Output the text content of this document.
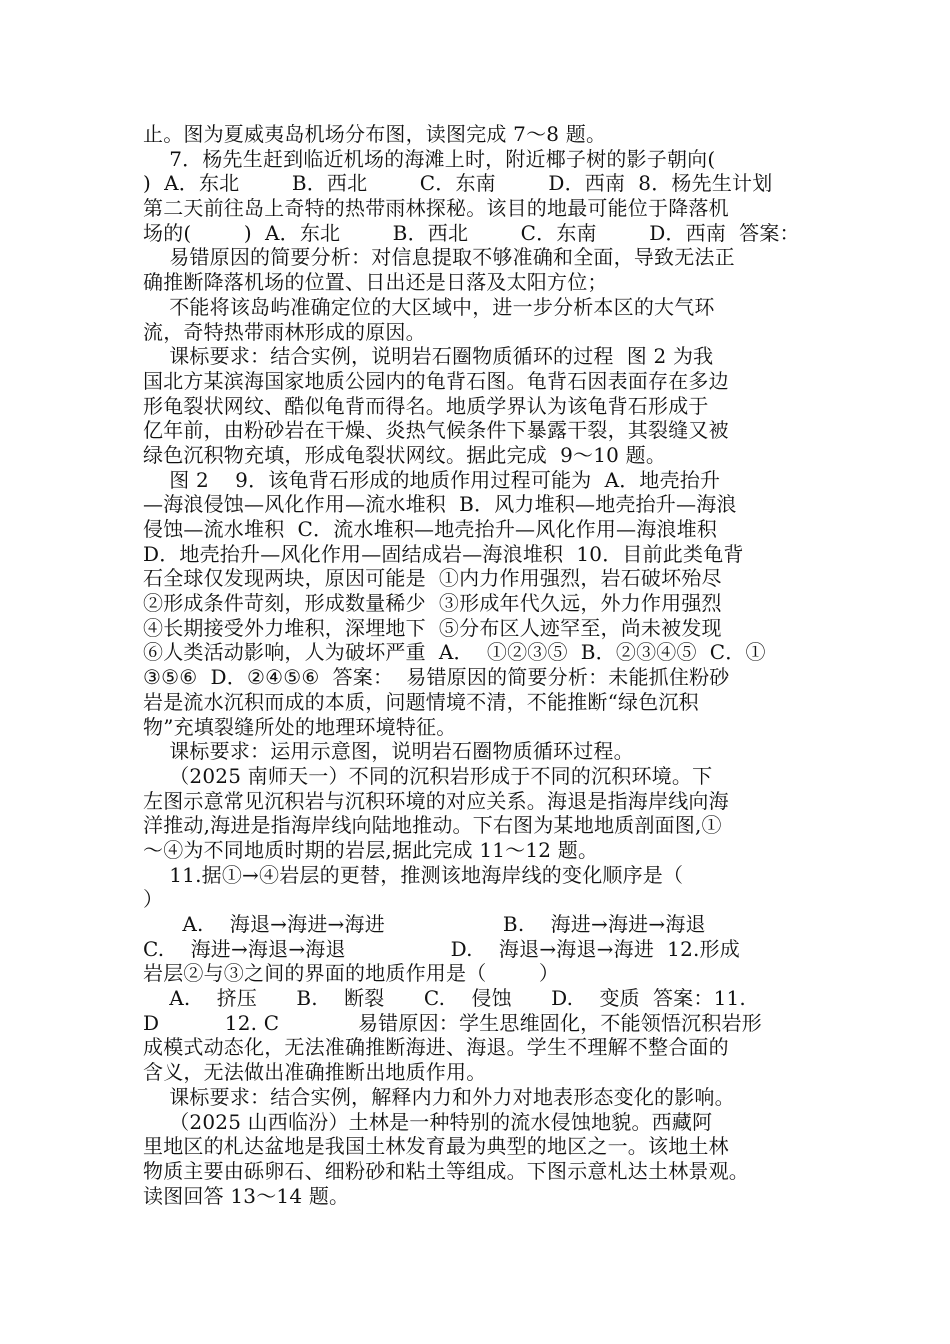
止。图为夏威夷岛机场分布图，读图完成 7～8 题。
7．杨先生赶到临近机场的海滩上时，附近椰子树的影子朝向(
)  A．东北        B．西北        C．东南        D．西南  8．杨先生计划
第二天前往岛上奇特的热带雨林探秘。该目的地最可能位于降落机
场的(        )  A．东北        B．西北        C．东南        D．西南  答案：
易错原因的简要分析：对信息提取不够准确和全面，导致无法正
确推断降落机场的位置、日出还是日落及太阳方位；
不能将该岛屿准确定位的大区域中，进一步分析本区的大气环
流，奇特热带雨林形成的原因。
课标要求：结合实例，说明岩石圈物质循环的过程  图 2 为我
国北方某滨海国家地质公园内的龟背石图。龟背石因表面存在多边
形龟裂状网纹、酷似龟背而得名。地质学界认为该龟背石形成于
亿年前，由粉砂岩在干燥、炎热气候条件下暴露干裂，其裂缝又被
绿色沉积物充填，形成龟裂状网纹。据此完成  9～10 题。
图 2    9．该龟背石形成的地质作用过程可能为  A．地壳抬升
—海浪侵蚀—风化作用—流水堆积  B．风力堆积—地壳抬升—海浪
侵蚀—流水堆积  C．流水堆积—地壳抬升—风化作用—海浪堆积
D．地壳抬升—风化作用—固结成岩—海浪堆积  10．目前此类龟背
石全球仅发现两块，原因可能是  ①内力作用强烈，岩石破坏殆尽
②形成条件苛刻，形成数量稀少  ③形成年代久远，外力作用强烈
④长期接受外力堆积，深埋地下  ⑤分布区人迹罕至，尚未被发现
⑥人类活动影响，人为破坏严重  A．  ①②③⑤  B．②③④⑤  C．①
③⑤⑥  D．②④⑤⑥  答案：  易错原因的简要分析：未能抓住粉砂
岩是流水沉积而成的本质，问题情境不清，不能推断“绿色沉积
物”充填裂缝所处的地理环境特征。
课标要求：运用示意图，说明岩石圈物质循环过程。
（2025 南师天一）不同的沉积岩形成于不同的沉积环境。下
左图示意常见沉积岩与沉积环境的对应关系。海退是指海岸线向海
洋推动,海进是指海岸线向陆地推动。下右图为某地地质剖面图,①
～④为不同地质时期的岩层,据此完成 11～12 题。
11.据①→④岩层的更替，推测该地海岸线的变化顺序是（
）
A.    海退→海进→海进                  B.    海进→海进→海退
C.    海进→海退→海退                D.    海退→海退→海进  12.形成
岩层②与③之间的界面的地质作用是（        ）
A.    挤压      B.    断裂      C.    侵蚀      D.    变质  答案：11.
D          12. C            易错原因：学生思维固化，不能领悟沉积岩形
成模式动态化，无法准确推断海进、海退。学生不理解不整合面的
含义，无法做出准确推断出地质作用。
课标要求：结合实例，解释内力和外力对地表形态变化的影响。
（2025 山西临汾）土林是一种特别的流水侵蚀地貌。西藏阿
里地区的札达盆地是我国土林发育最为典型的地区之一。该地土林
物质主要由砾卵石、细粉砂和粘土等组成。下图示意札达土林景观。
读图回答 13～14 题。
